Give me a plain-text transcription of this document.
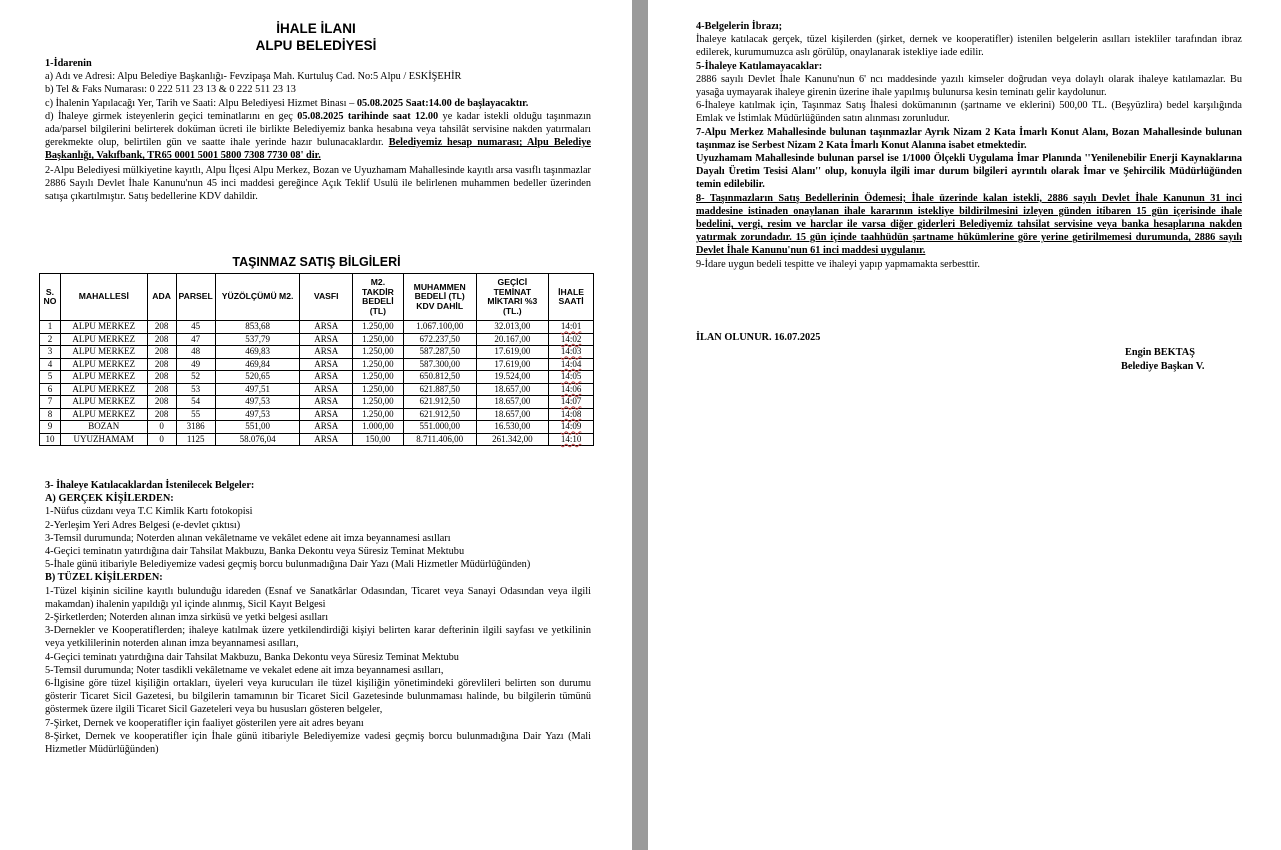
İHALE İLANI
ALPU BELEDİYESİ

1-İdarenin

a) Adı ve Adresi: Alpu Belediye Başkanlığı- Fevzipaşa Mah. Kurtuluş Cad. No:5 Alpu / ESKİŞEHİR

b) Tel & Faks Numarası: 0 222 511 23 13 & 0 222 511 23 13

c) İhalenin Yapılacağı Yer, Tarih ve Saati: Alpu Belediyesi Hizmet Binası – 05.08.2025 Saat:14.00 de başlayacaktır.

d) İhaleye girmek isteyenlerin geçici teminatlarını en geç 05.08.2025 tarihinde saat 12.00 ye kadar istekli olduğu taşınmazın ada/parsel bilgilerini belirterek doküman ücreti ile birlikte Belediyemiz banka hesabına veya tahsilât servisine nakden yatırmaları gerekmekte olup, belirtilen gün ve saatte ihale yerinde hazır bulunacaklardır. Belediyemiz hesap numarası; Alpu Belediye Başkanlığı, Vakıfbank, TR65 0001 5001 5800 7308 7730 08' dir.

2-Alpu Belediyesi mülkiyetine kayıtlı, Alpu İlçesi Alpu Merkez, Bozan ve Uyuzhamam Mahallesinde kayıtlı arsa vasıflı taşınmazlar 2886 Sayılı Devlet İhale Kanunu'nun 45 inci maddesi gereğince Açık Teklif Usulü ile belirlenen muhammen bedeller üzerinden satışa çıkartılmıştır. Satış bedellerine KDV dahildir.

TAŞINMAZ SATIŞ BİLGİLERİ
S. NO	MAHALLESİ	ADA	PARSEL	YÜZÖLÇÜMÜ M2.	VASFI	M2. TAKDİR BEDELİ (TL)	MUHAMMEN BEDELİ (TL) KDV DAHİL	GEÇİCİ TEMİNAT MİKTARI %3 (TL.)	İHALE SAATİ
1	ALPU MERKEZ	208	45	853,68	ARSA	1.250,00	1.067.100,00	32.013,00	14:01
2	ALPU MERKEZ	208	47	537,79	ARSA	1.250,00	672.237,50	20.167,00	14:02
3	ALPU MERKEZ	208	48	469,83	ARSA	1.250,00	587.287,50	17.619,00	14:03
4	ALPU MERKEZ	208	49	469,84	ARSA	1.250,00	587.300,00	17.619,00	14:04
5	ALPU MERKEZ	208	52	520,65	ARSA	1.250,00	650.812,50	19.524,00	14:05
6	ALPU MERKEZ	208	53	497,51	ARSA	1.250,00	621.887,50	18.657,00	14:06
7	ALPU MERKEZ	208	54	497,53	ARSA	1.250,00	621.912,50	18.657,00	14:07
8	ALPU MERKEZ	208	55	497,53	ARSA	1.250,00	621.912,50	18.657,00	14:08
9	BOZAN	0	3186	551,00	ARSA	1.000,00	551.000,00	16.530,00	14:09
10	UYUZHAMAM	0	1125	58.076,04	ARSA	150,00	8.711.406,00	261.342,00	14:10

3- İhaleye Katılacaklardan İstenilecek Belgeler:

A) GERÇEK KİŞİLERDEN:

1-Nüfus cüzdanı veya T.C Kimlik Kartı fotokopisi

2-Yerleşim Yeri Adres Belgesi (e-devlet çıktısı)

3-Temsil durumunda; Noterden alınan vekâletname ve vekâlet edene ait imza beyannamesi asılları

4-Geçici teminatın yatırdığına dair Tahsilat Makbuzu, Banka Dekontu veya Süresiz Teminat Mektubu

5-İhale günü itibariyle Belediyemize vadesi geçmiş borcu bulunmadığına Dair Yazı (Mali Hizmetler Müdürlüğünden)

B) TÜZEL KİŞİLERDEN:

1-Tüzel kişinin siciline kayıtlı bulunduğu idareden (Esnaf ve Sanatkârlar Odasından, Ticaret veya Sanayi Odasından veya ilgili makamdan) ihalenin yapıldığı yıl içinde alınmış, Sicil Kayıt Belgesi

2-Şirketlerden; Noterden alınan imza sirküsü ve yetki belgesi asılları

3-Dernekler ve Kooperatiflerden; ihaleye katılmak üzere yetkilendirdiği kişiyi belirten karar defterinin ilgili sayfası ve yetkilinin veya yetkililerinin noterden alınan imza beyannamesi asılları,

4-Geçici teminatı yatırdığına dair Tahsilat Makbuzu, Banka Dekontu veya Süresiz Teminat Mektubu

5-Temsil durumunda; Noter tasdikli vekâletname ve vekalet edene ait imza beyannamesi asılları,

6-İlgisine göre tüzel kişiliğin ortakları, üyeleri veya kurucuları ile tüzel kişiliğin yönetimindeki görevlileri belirten son durumu gösterir Ticaret Sicil Gazetesi, bu bilgilerin tamamının bir Ticaret Sicil Gazetesinde bulunmaması halinde, bu bilgilerin tümünü göstermek üzere ilgili Ticaret Sicil Gazeteleri veya bu hususları gösteren belgeler,

7-Şirket, Dernek ve kooperatifler için faaliyet gösterilen yere ait adres beyanı

8-Şirket, Dernek ve kooperatifler için İhale günü itibariyle Belediyemize vadesi geçmiş borcu bulunmadığına Dair Yazı (Mali Hizmetler Müdürlüğünden)

4-Belgelerin İbrazı;

İhaleye katılacak gerçek, tüzel kişilerden (şirket, dernek ve kooperatifler) istenilen belgelerin asılları istekliler tarafından ibraz edilerek, kurumumuzca aslı görülüp, onaylanarak istekliye iade edilir.

5-İhaleye Katılamayacaklar:

2886 sayılı Devlet İhale Kanunu'nun 6' ncı maddesinde yazılı kimseler doğrudan veya dolaylı olarak ihaleye katılamazlar. Bu yasağa uymayarak ihaleye girenin üzerine ihale yapılmış bulunursa kesin teminatı gelir kaydolunur.

6-İhaleye katılmak için, Taşınmaz Satış İhalesi dokümanının (şartname ve eklerini) 500,00 TL. (Beşyüzlira) bedel karşılığında Emlak ve İstimlak Müdürlüğünden satın alınması zorunludur.

7-Alpu Merkez Mahallesinde bulunan taşınmazlar Ayrık Nizam 2 Kata İmarlı Konut Alanı, Bozan Mahallesinde bulunan taşınmaz ise Serbest Nizam 2 Kata İmarlı Konut Alanına isabet etmektedir.

Uyuzhamam Mahallesinde bulunan parsel ise 1/1000 Ölçekli Uygulama İmar Planında ''Yenilenebilir Enerji Kaynaklarına Dayalı Üretim Tesisi Alanı'' olup, konuyla ilgili imar durum bilgileri ayrıntılı olarak İmar ve Şehircilik Müdürlüğünden temin edilebilir.

8- Taşınmazların Satış Bedellerinin Ödemesi; İhale üzerinde kalan istekli, 2886 sayılı Devlet İhale Kanunun 31 inci maddesine istinaden onaylanan ihale kararının istekliye bildirilmesini izleyen günden itibaren 15 gün içerisinde ihale bedelini, vergi, resim ve harclar ile varsa diğer giderleri Belediyemiz tahsilat servisine veya banka hesaplarına nakden yatırmak zorundadır. 15 gün içinde taahhüdün şartname hükümlerine göre yerine getirilmemesi durumunda, 2886 sayılı Devlet İhale Kanunu'nun 61 inci maddesi uygulanır.

9-İdare uygun bedeli tespitte ve ihaleyi yapıp yapmamakta serbesttir.

İLAN OLUNUR. 16.07.2025
Engin BEKTAŞ
Belediye Başkan V.
